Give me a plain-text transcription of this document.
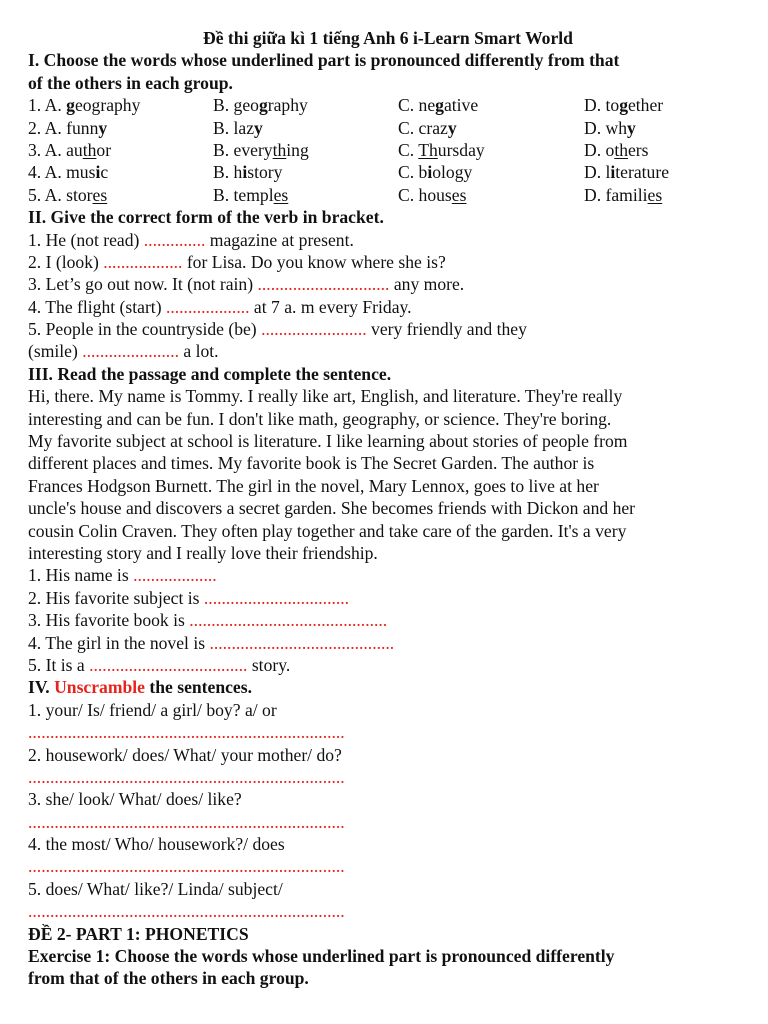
Đề thi giữa kì 1 tiếng Anh 6 i-Learn Smart World
I. Choose the words whose underlined part is pronounced differently from that
of the others in each group.
1. A. geography	B. geography	C. negative	D. together
2. A. funny	B. lazy	C. crazy	D. why
3. A. author	B. everything	C. Thursday	D. others
4. A. music	B. history	C. biology	D. literature
5. A. stores	B. temples	C. houses	D. families
II. Give the correct form of the verb in bracket.
1. He (not read) .............. magazine at present.
2. I (look) .................. for Lisa. Do you know where she is?
3. Let’s go out now. It (not rain) .............................. any more.
4. The flight (start) ................... at 7 a. m every Friday.
5. People in the countryside (be) ........................ very friendly and they
(smile) ...................... a lot.
III. Read the passage and complete the sentence.
Hi, there. My name is Tommy. I really like art, English, and literature. They're really
interesting and can be fun. I don't like math, geography, or science. They're boring.
My favorite subject at school is literature. I like learning about stories of people from
different places and times. My favorite book is The Secret Garden. The author is
Frances Hodgson Burnett. The girl in the novel, Mary Lennox, goes to live at her
uncle's house and discovers a secret garden. She becomes friends with Dickon and her
cousin Colin Craven. They often play together and take care of the garden. It's a very
interesting story and I really love their friendship.
1. His name is ...................
2. His favorite subject is .................................
3. His favorite book is .............................................
4. The girl in the novel is ..........................................
5. It is a .................................... story.
IV. Unscramble the sentences.
1. your/ Is/ friend/ a girl/ boy? a/ or
........................................................................
2. housework/ does/ What/ your mother/ do?
........................................................................
3. she/ look/ What/ does/ like?
........................................................................
4. the most/ Who/ housework?/ does
........................................................................
5. does/ What/ like?/ Linda/ subject/
........................................................................
ĐỀ 2- PART 1: PHONETICS
Exercise 1: Choose the words whose underlined part is pronounced differently
from that of the others in each group.
